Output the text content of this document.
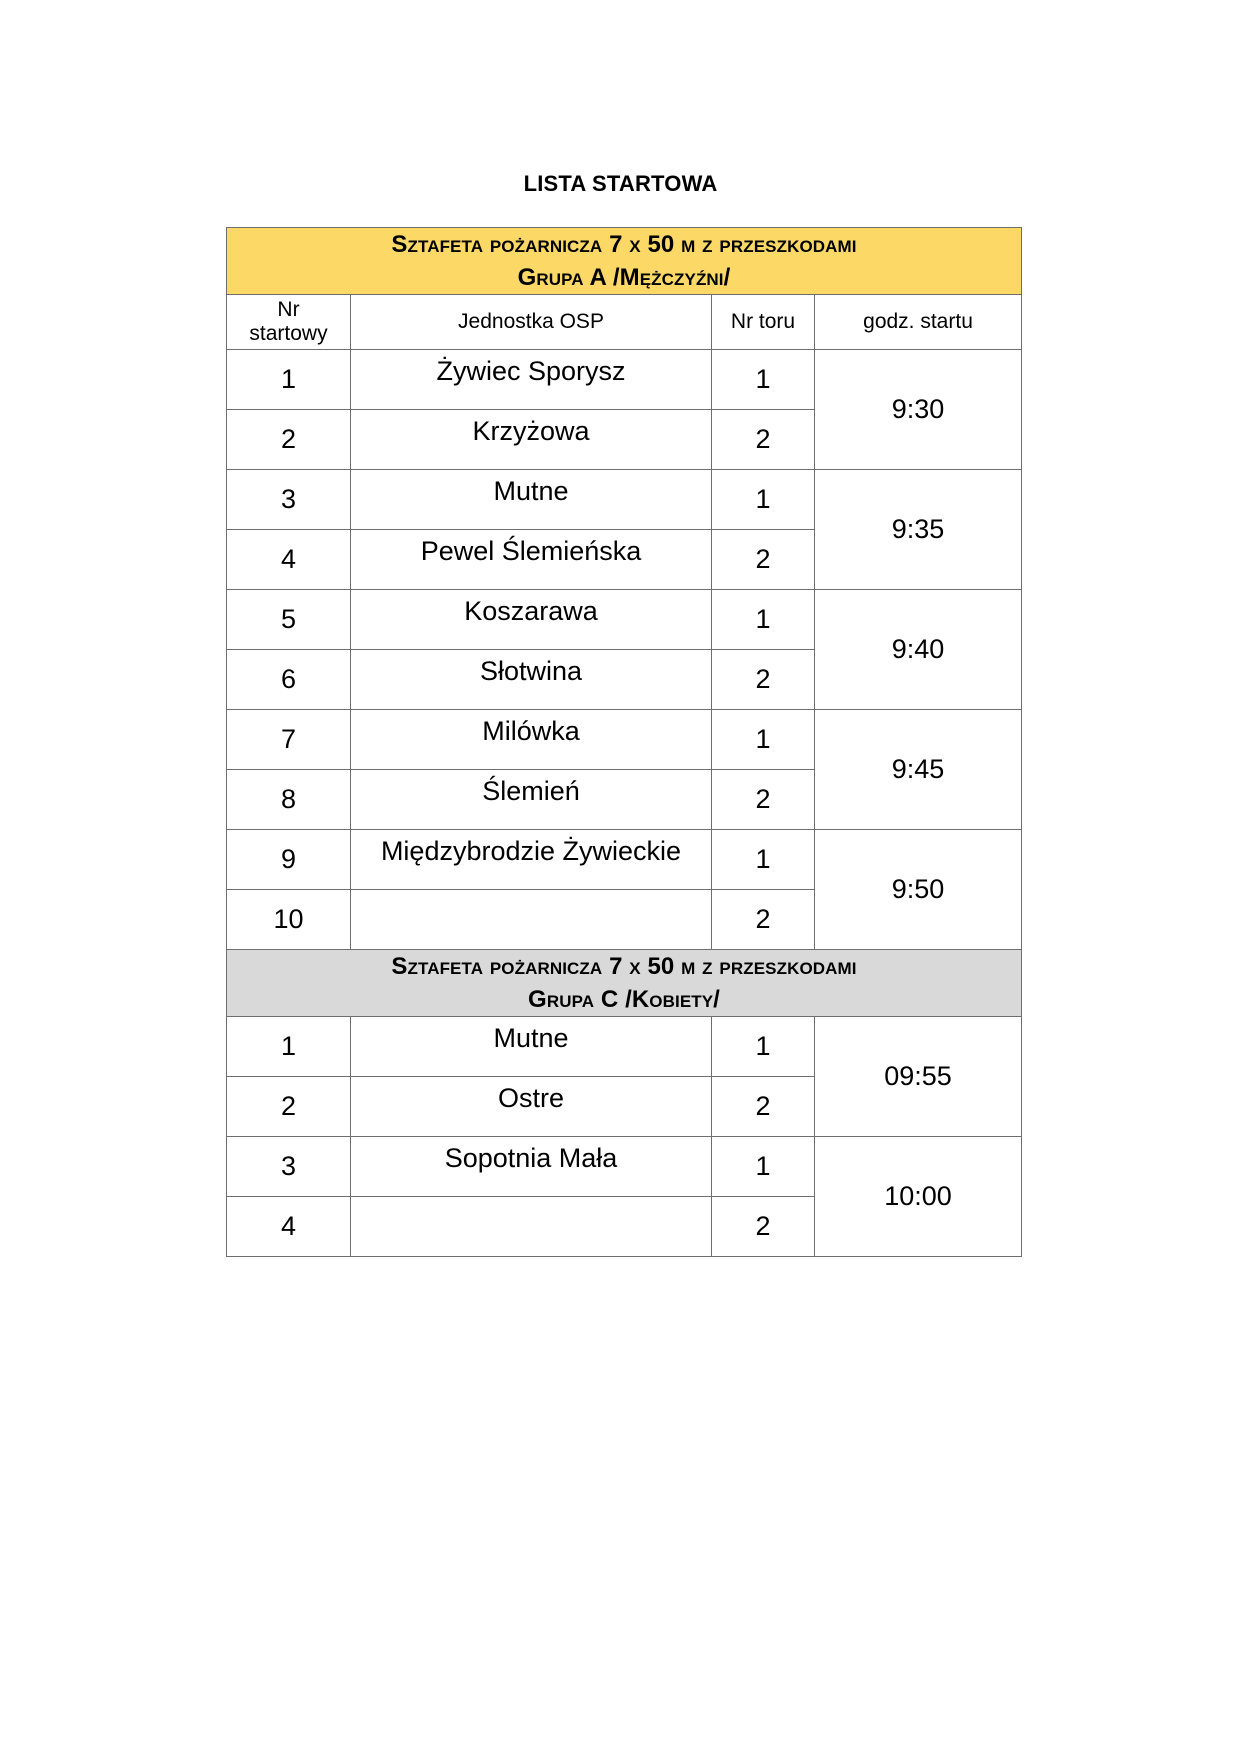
LISTA STARTOWA
Sztafeta pożarnicza 7 x 50 m z przeszkodami
Grupa A /Mężczyźni/			

Nr
startowy	Jednostka OSP	Nr toru	godz. startu
1	Żywiec Sporysz	1	9:30
2	Krzyżowa	2	
3	Mutne	1	9:35
4	Pewel Ślemieńska	2	
5	Koszarawa	1	9:40
6	Słotwina	2	
7	Milówka	1	9:45
8	Ślemień	2	
9	Międzybrodzie Żywieckie	1	9:50
10		2	

Sztafeta pożarnicza 7 x 50 m z przeszkodami
Grupa C /Kobiety/			

1	Mutne	1	09:55
2	Ostre	2	
3	Sopotnia Mała	1	10:00
4		2	
